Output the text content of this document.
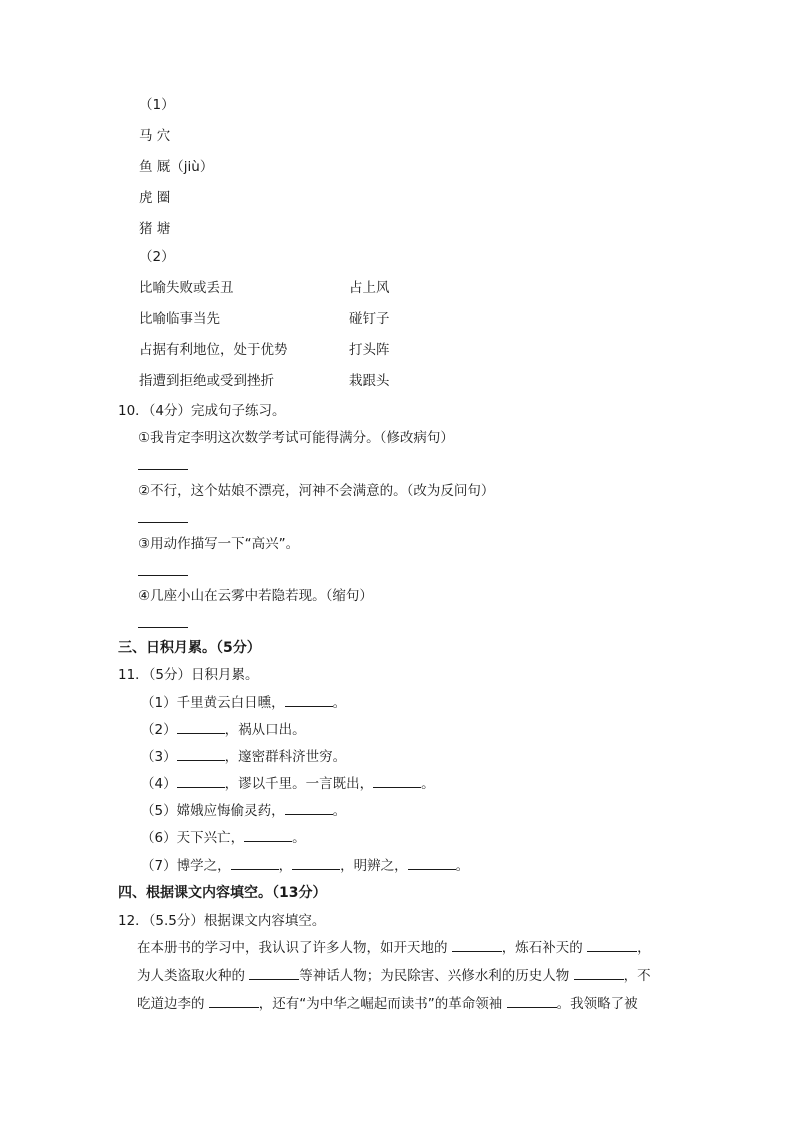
（1）
马 穴
鱼 厩（jiù）
虎 圈
猪 塘
（2）
比喻失败或丢丑	占上风
比喻临事当先	碰钉子
占据有利地位，处于优势	打头阵
指遭到拒绝或受到挫折	栽跟头
10．（4分）完成句子练习。
①我肯定李明这次数学考试可能得满分。（修改病句）
②不行，这个姑娘不漂亮，河神不会满意的。（改为反问句）
③用动作描写一下“高兴”。
④几座小山在云雾中若隐若现。（缩句）
三、日积月累。（5分）
11．（5分）日积月累。
（1）千里黄云白日曛，	。
（2）	，祸从口出。
（3）	，邃密群科济世穷。
（4）	，谬以千里。一言既出，	。
（5）嫦娥应悔偷灵药，	。
（6）天下兴亡，	。
（7）博学之，	，	，明辨之，	。
四、根据课文内容填空。（13分）
12．（5.5分）根据课文内容填空。
在本册书的学习中，我认识了许多人物，如开天地的	，炼石补天的	，
为人类盗取火种的	等神话人物；为民除害、兴修水利的历史人物	，不
吃道边李的	，还有“为中华之崛起而读书”的革命领袖	。我领略了被
